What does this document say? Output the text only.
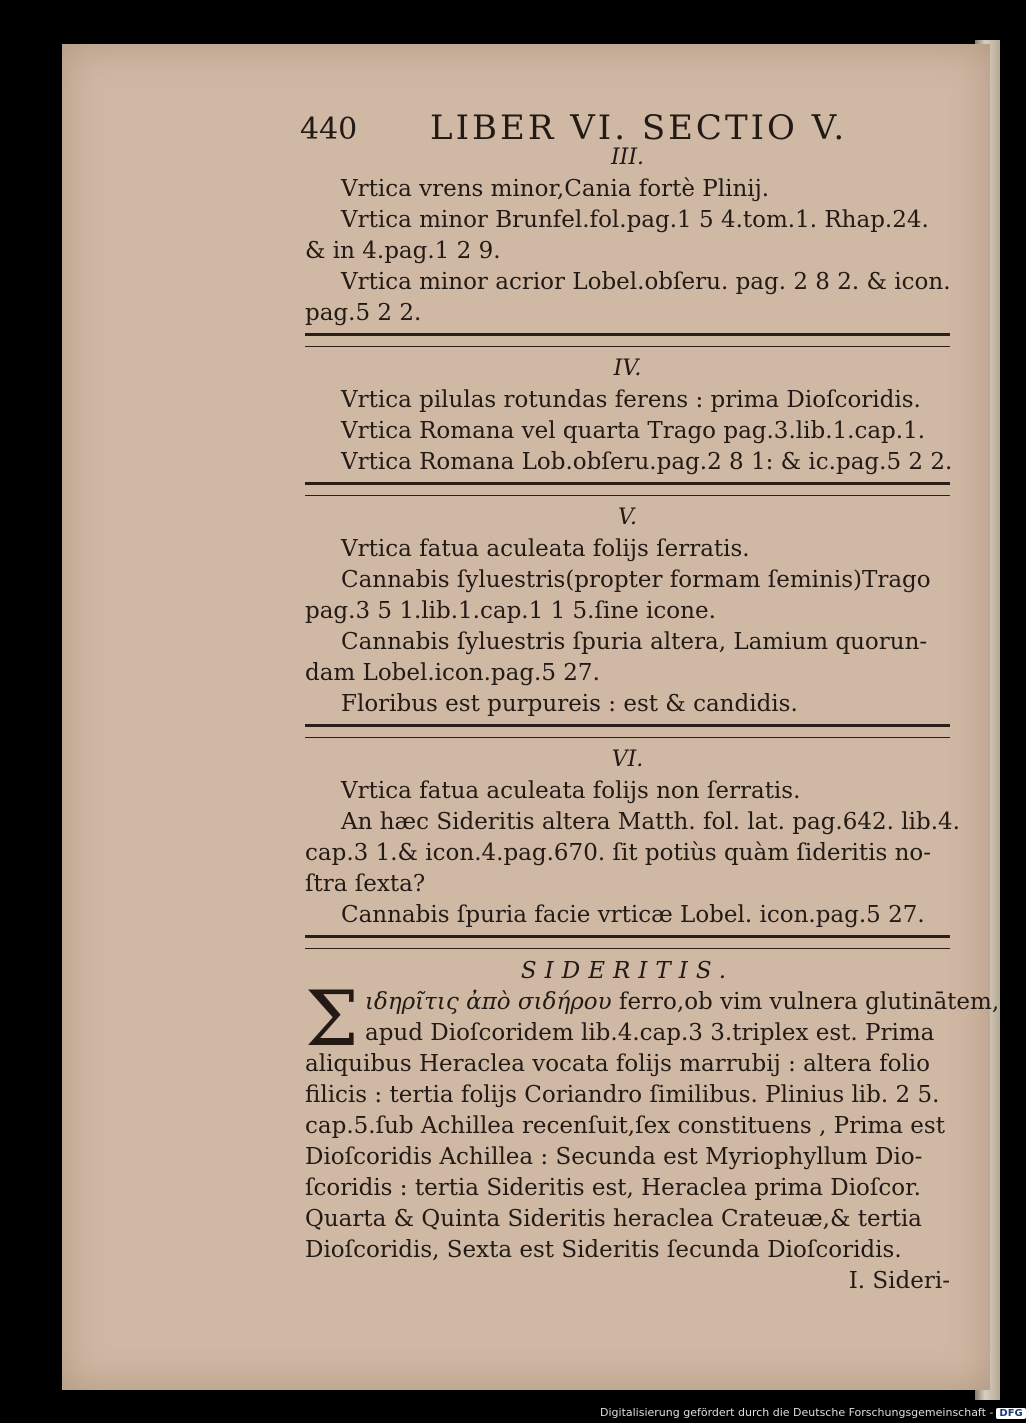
440 LIBER VI. SECTIO V.
III.
Vrtica vrens minor,Cania fortè Plinij.
Vrtica minor Brunfel.fol.pag.1 5 4.tom.1. Rhap.24.
& in 4.pag.1 2 9.
Vrtica minor acrior Lobel.obſeru. pag. 2 8 2. & icon.
pag.5 2 2.
IV.
Vrtica pilulas rotundas ferens : prima Dioſcoridis.
Vrtica Romana vel quarta Trago pag.3.lib.1.cap.1.
Vrtica Romana Lob.obſeru.pag.2 8 1: & ic.pag.5 2 2.
V.
Vrtica fatua aculeata folijs ſerratis.
Cannabis ſyluestris(propter formam ſeminis)Trago
pag.3 5 1.lib.1.cap.1 1 5.ſine icone.
Cannabis ſyluestris ſpuria altera, Lamium quorun-
dam Lobel.icon.pag.5 27.
Floribus est purpureis : est & candidis.
VI.
Vrtica fatua aculeata folijs non ſerratis.
An hæc Sideritis altera Matth. fol. lat. pag.642. lib.4.
cap.3 1.& icon.4.pag.670. ſit potiùs quàm ſideritis no-
ſtra ſexta?
Cannabis ſpuria facie vrticæ Lobel. icon.pag.5 27.
SIDERITIS.
Σ ιδηρῖτις ἀπὸ σιδήρου ferro,ob vim vulnera glutinātem,
apud Dioſcoridem lib.4.cap.3 3.triplex est. Prima
aliquibus Heraclea vocata folijs marrubij : altera folio
filicis : tertia folijs Coriandro ſimilibus. Plinius lib. 2 5.
cap.5.ſub Achillea recenſuit,ſex constituens , Prima est
Dioſcoridis Achillea : Secunda est Myriophyllum Dio-
ſcoridis : tertia Sideritis est, Heraclea prima Dioſcor.
Quarta & Quinta Sideritis heraclea Crateuæ,& tertia
Dioſcoridis, Sexta est Sideritis ſecunda Dioſcoridis.
I. Sideri-
Digitalisierung gefördert durch die Deutsche Forschungsgemeinschaft - DFG
